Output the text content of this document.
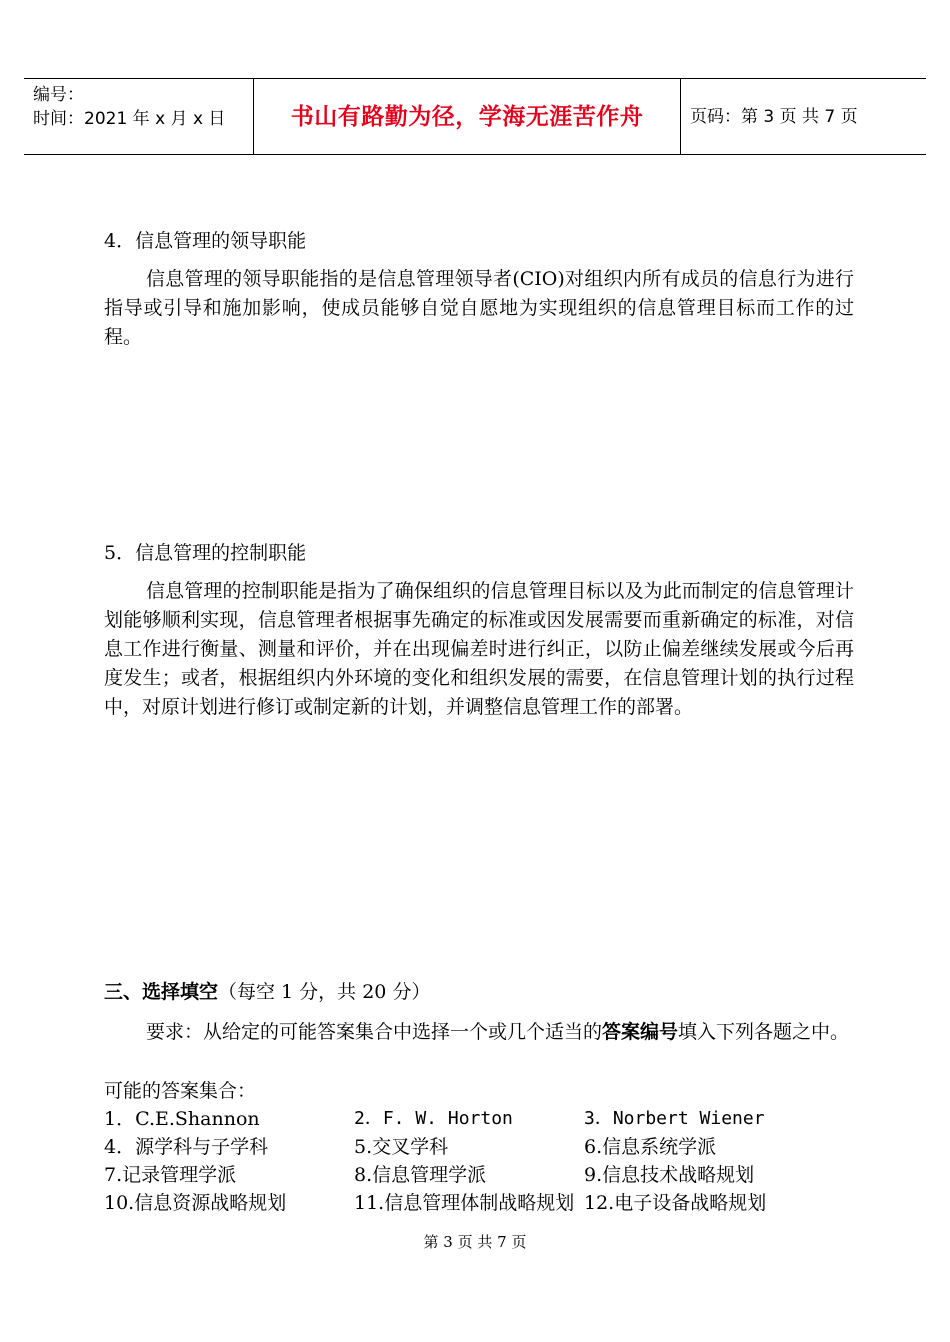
编号：
时间：2021 年 x 月 x 日	书山有路勤为径，学海无涯苦作舟	页码：第 3 页 共 7 页
4．信息管理的领导职能

信息管理的领导职能指的是信息管理领导者(CIO)对组织内所有成员的信息行为进行指导或引导和施加影响，使成员能够自觉自愿地为实现组织的信息管理目标而工作的过程。

5．信息管理的控制职能

信息管理的控制职能是指为了确保组织的信息管理目标以及为此而制定的信息管理计划能够顺利实现，信息管理者根据事先确定的标准或因发展需要而重新确定的标准，对信息工作进行衡量、测量和评价，并在出现偏差时进行纠正，以防止偏差继续发展或今后再度发生；或者，根据组织内外环境的变化和组织发展的需要，在信息管理计划的执行过程中，对原计划进行修订或制定新的计划，并调整信息管理工作的部署。

三、选择填空（每空 1 分，共 20 分）

要求：从给定的可能答案集合中选择一个或几个适当的答案编号填入下列各题之中。

可能的答案集合：
1．C.E.Shannon	2．F. W. Horton	3．Norbert Wiener
4．源学科与子学科	5.交叉学科	6.信息系统学派
7.记录管理学派	8.信息管理学派	9.信息技术战略规划
10.信息资源战略规划	11.信息管理体制战略规划 12.电子设备战略规划
第 3 页 共 7 页
